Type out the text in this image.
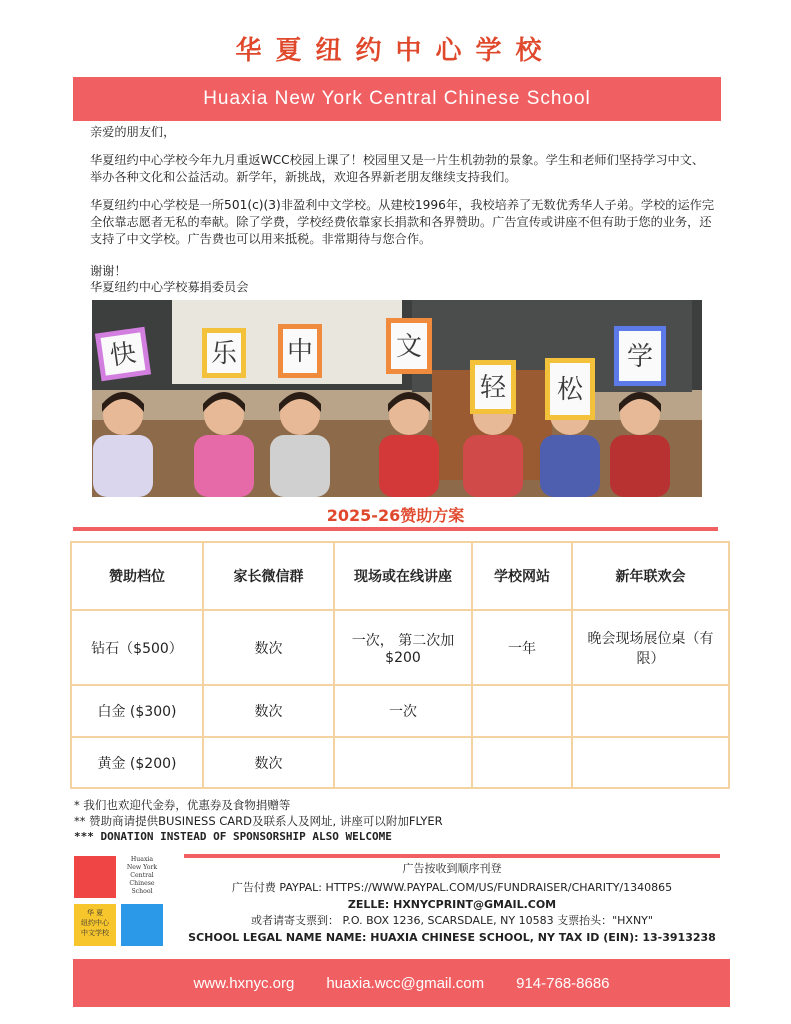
华夏纽约中心学校
Huaxia New York Central Chinese School
亲爱的朋友们，
华夏纽约中心学校今年九月重返WCC校园上课了！校园里又是一片生机勃勃的景象。学生和老师们坚持学习中文、举办各种文化和公益活动。新学年，新挑战，欢迎各界新老朋友继续支持我们。
华夏纽约中心学校是一所501(c)(3)非盈利中文学校。从建校1996年，我校培养了无数优秀华人子弟。学校的运作完全依靠志愿者无私的奉献。除了学费，学校经费依靠家长捐款和各界赞助。广告宣传或讲座不但有助于您的业务，还支持了中文学校。广告费也可以用来抵税。非常期待与您合作。
谢谢！
华夏纽约中心学校募捐委员会
快	乐 中	文
轻 松
学
2025-26赞助方案
赞助档位	家长微信群	现场或在线讲座	学校网站	新年联欢会
钻石（$500）	数次	一次， 第二次加$200	一年	晚会现场展位桌（有限）
白金 ($300)	数次	一次		
黄金 ($200)	数次			
* 我们也欢迎代金券，优惠券及食物捐赠等
** 赞助商请提供BUSINESS CARD及联系人及网址, 讲座可以附加FLYER
*** DONATION INSTEAD OF SPONSORSHIP ALSO WELCOME
Huaxia
New York
Central
Chinese
School
华 夏
纽约中心
中文学校
广告按收到顺序刊登
广告付费 PAYPAL: HTTPS://WWW.PAYPAL.COM/US/FUNDRAISER/CHARITY/1340865
ZELLE: HXNYCPRINT@GMAIL.COM
或者请寄支票到： P.O. BOX 1236, SCARSDALE, NY 10583 支票抬头："HXNY"
SCHOOL LEGAL NAME NAME: HUAXIA CHINESE SCHOOL, NY TAX ID (EIN): 13-3913238
www.hxnyc.org huaxia.wcc@gmail.com 914-768-8686
